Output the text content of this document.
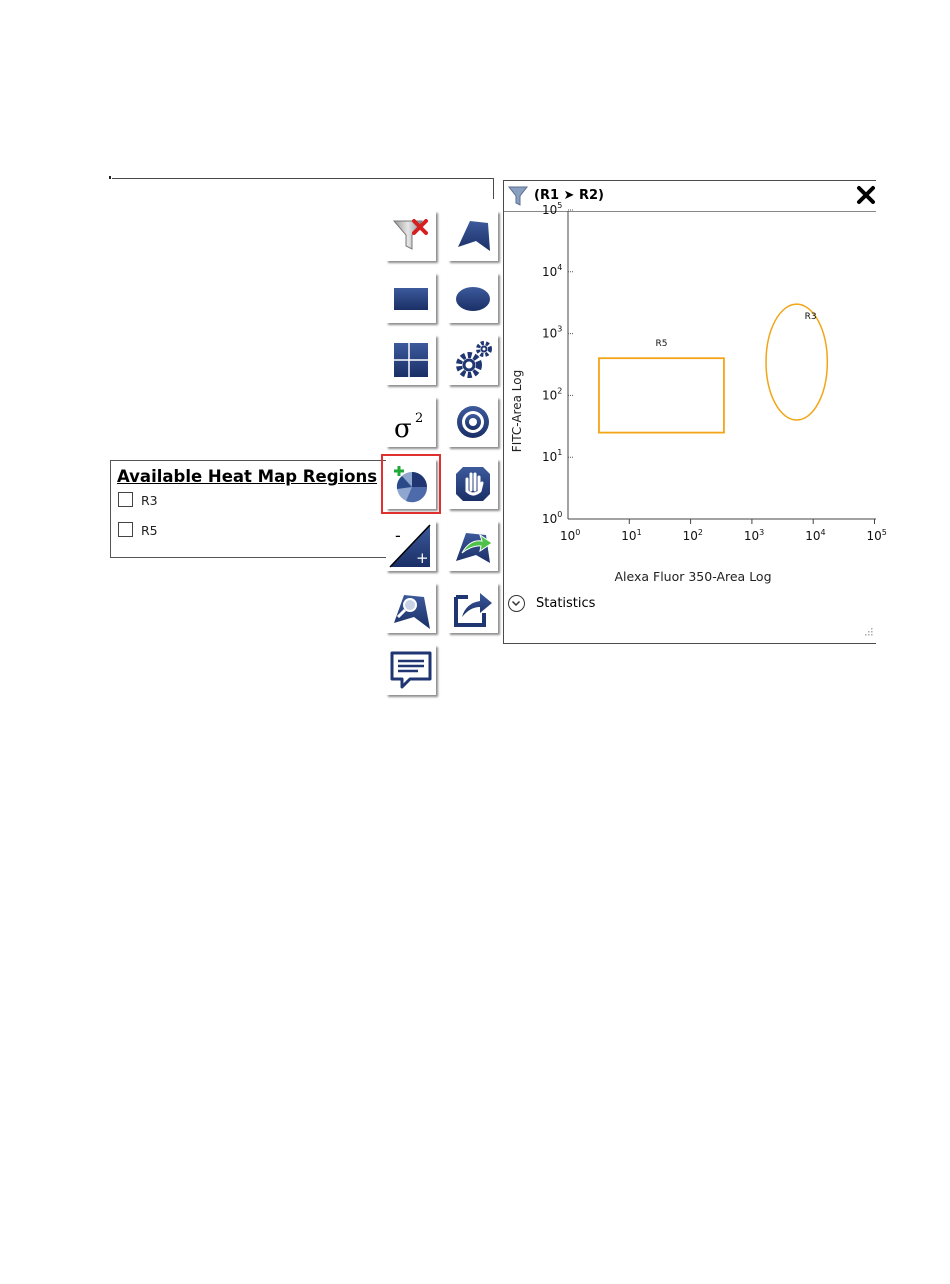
Available Heat Map Regions
R3
R5
σ 2
-
+
(R1 ➤ R2)
$10^0$	$10^1$	$10^2$	$10^3$	$10^4$	$10^5$
$10^0$
$10^1$
$10^2$
$10^3$
$10^4$
$10^5$
R5
R3
Alexa Fluor 350-Area Log
FITC-Area Log
Statistics
